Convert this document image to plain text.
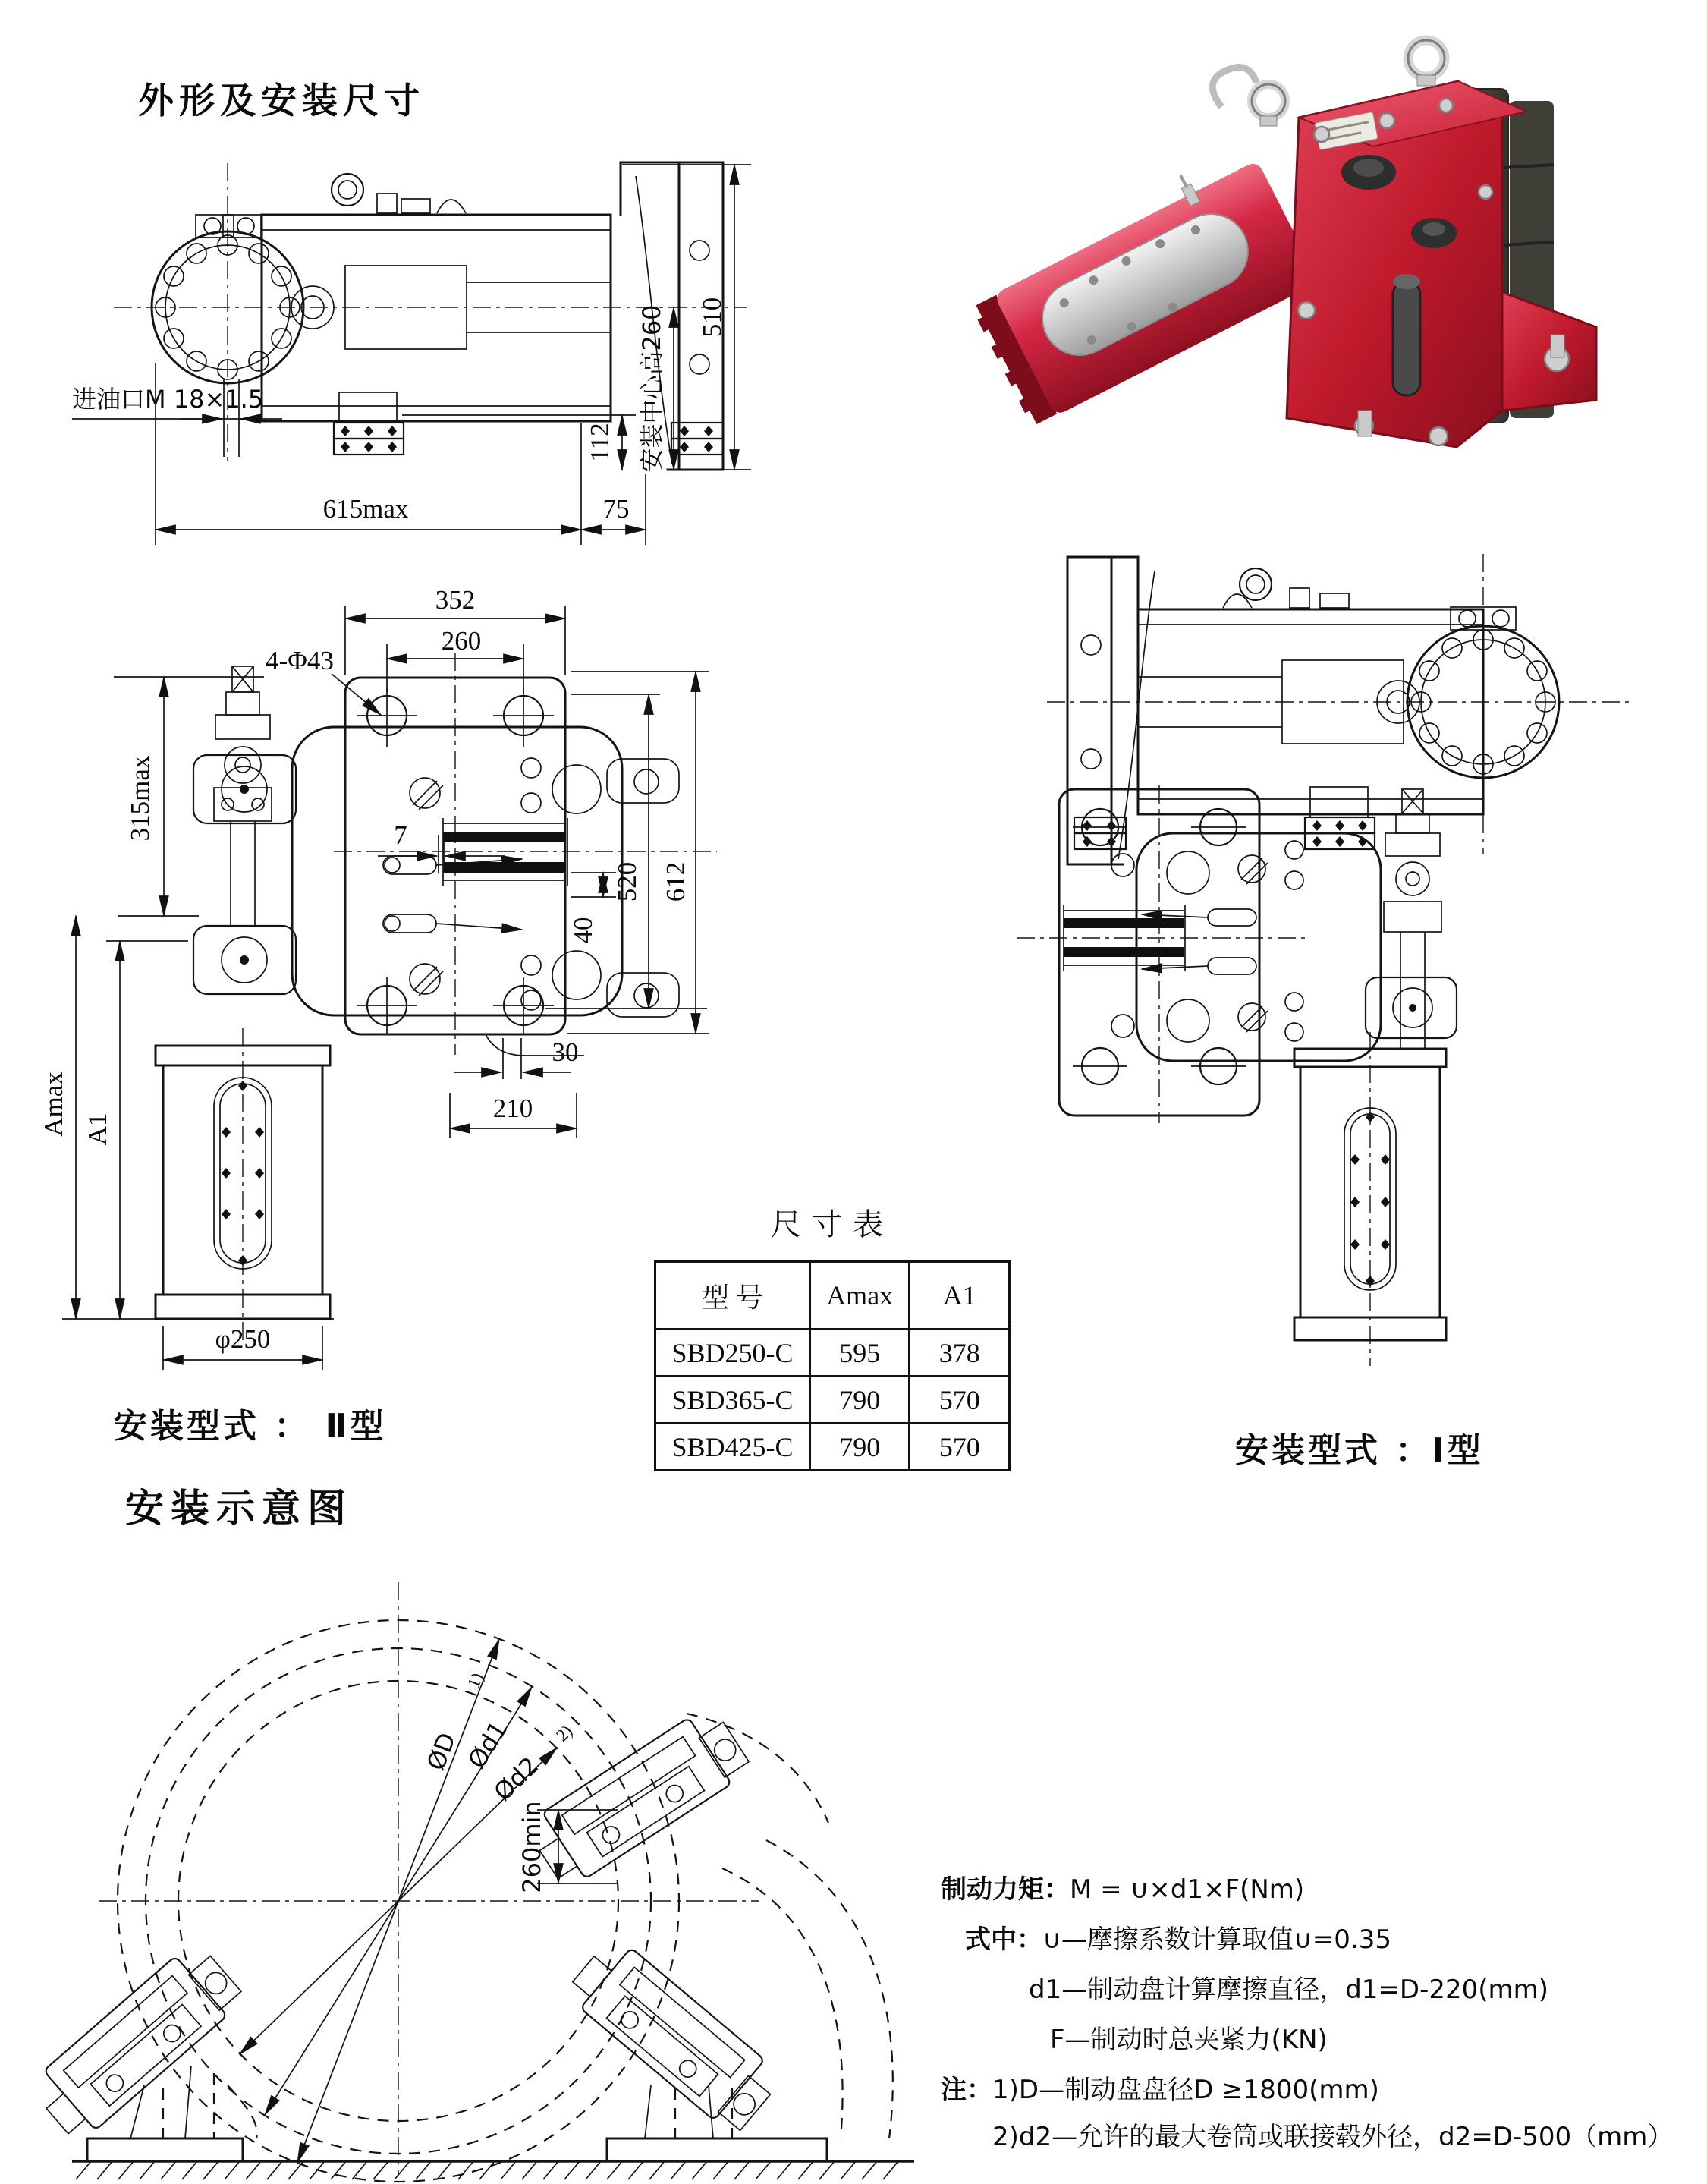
外形及安装尺寸
安装型式 ： Ⅱ型
安装型式 ：Ⅰ型
安装示意图
进油口M 18×1.5
615max	75
510
安装中心高260
112
352
260
4-Φ43
315max	7
40
520 612
30
210
Amax A1
φ250
尺寸表
型 号	Amax	A1
SBD250-C	595	378
SBD365-C	790	570
SBD425-C	790	570
ØD
1)
Ød1
Ød2
2)
260min	制动力矩：M = ∪×d1×F(Nm)
式中：∪—摩擦系数计算取值∪=0.35
d1—制动盘计算摩擦直径，d1=D-220(mm)
F—制动时总夹紧力(KN)
注：1)D—制动盘盘径D ≥1800(mm)
2)d2—允许的最大卷筒或联接毂外径，d2=D-500（mm）
